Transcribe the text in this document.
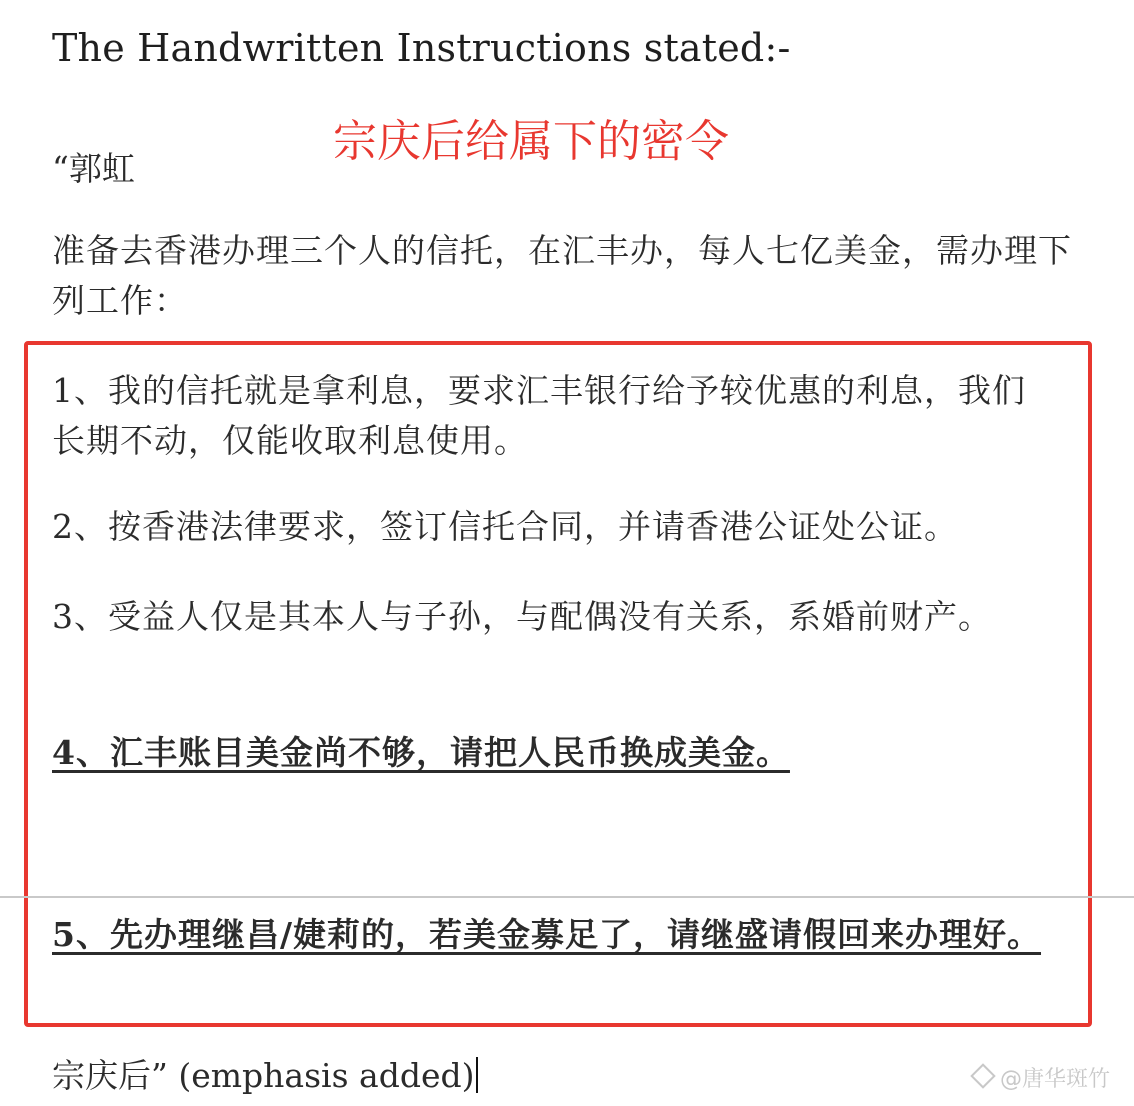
The Handwritten Instructions stated:-
宗庆后给属下的密令
“郭虹
准备去香港办理三个人的信托，在汇丰办，每人七亿美金，需办理下列工作：
1、我的信托就是拿利息，要求汇丰银行给予较优惠的利息，我们长期不动，仅能收取利息使用。
2、按香港法律要求，签订信托合同，并请香港公证处公证。
3、受益人仅是其本人与子孙，与配偶没有关系，系婚前财产。
4、汇丰账目美金尚不够，请把人民币换成美金。
5、先办理继昌/婕莉的，若美金募足了，请继盛请假回来办理好。
宗庆后” (emphasis added)	@唐华斑竹
